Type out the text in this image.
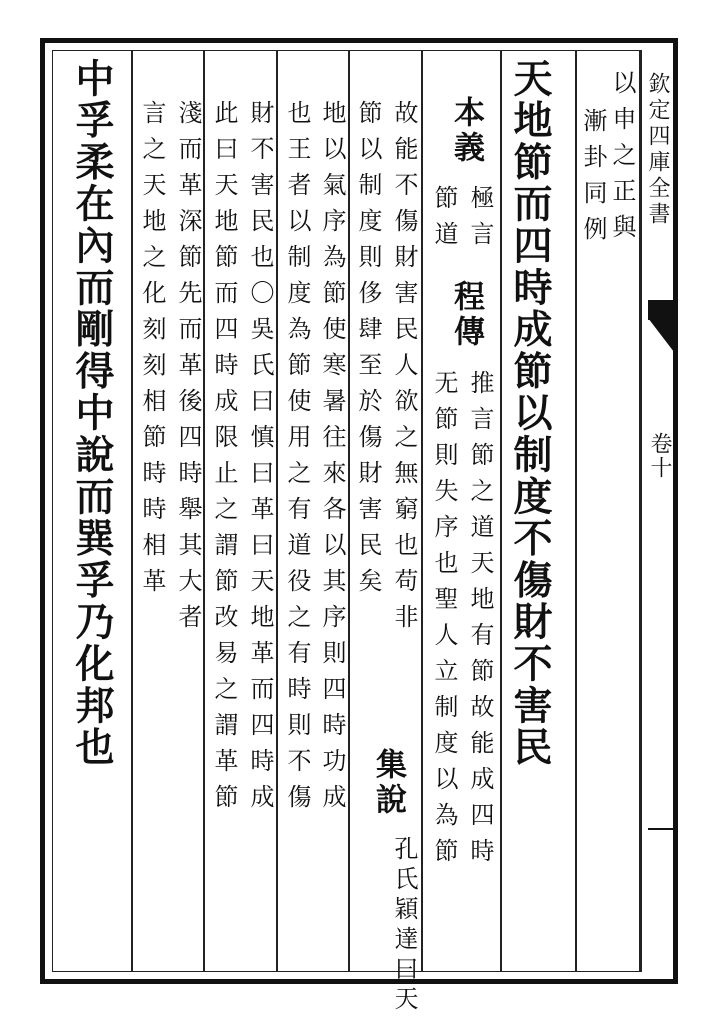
欽定四庫全書
卷十
以申之正與
漸卦同例
天地節而四時成節以制度不傷財不害民
本義
極言
節道
程傳
推言節之道天地有節故能成四時
无節則失序也聖人立制度以為節
故能不傷財害民人欲之無窮也苟非
節以制度則侈肆至於傷財害民矣
集說
孔氏穎達曰天
地以氣序為節使寒暑往來各以其序則四時功成
也王者以制度為節使用之有道役之有時則不傷
財不害民也〇吳氏曰慎曰革曰天地革而四時成
此曰天地節而四時成限止之謂節改易之謂革節
淺而革深節先而革後四時舉其大者
言之天地之化刻刻相節時時相革
中孚柔在內而剛得中說而巽孚乃化邦也
